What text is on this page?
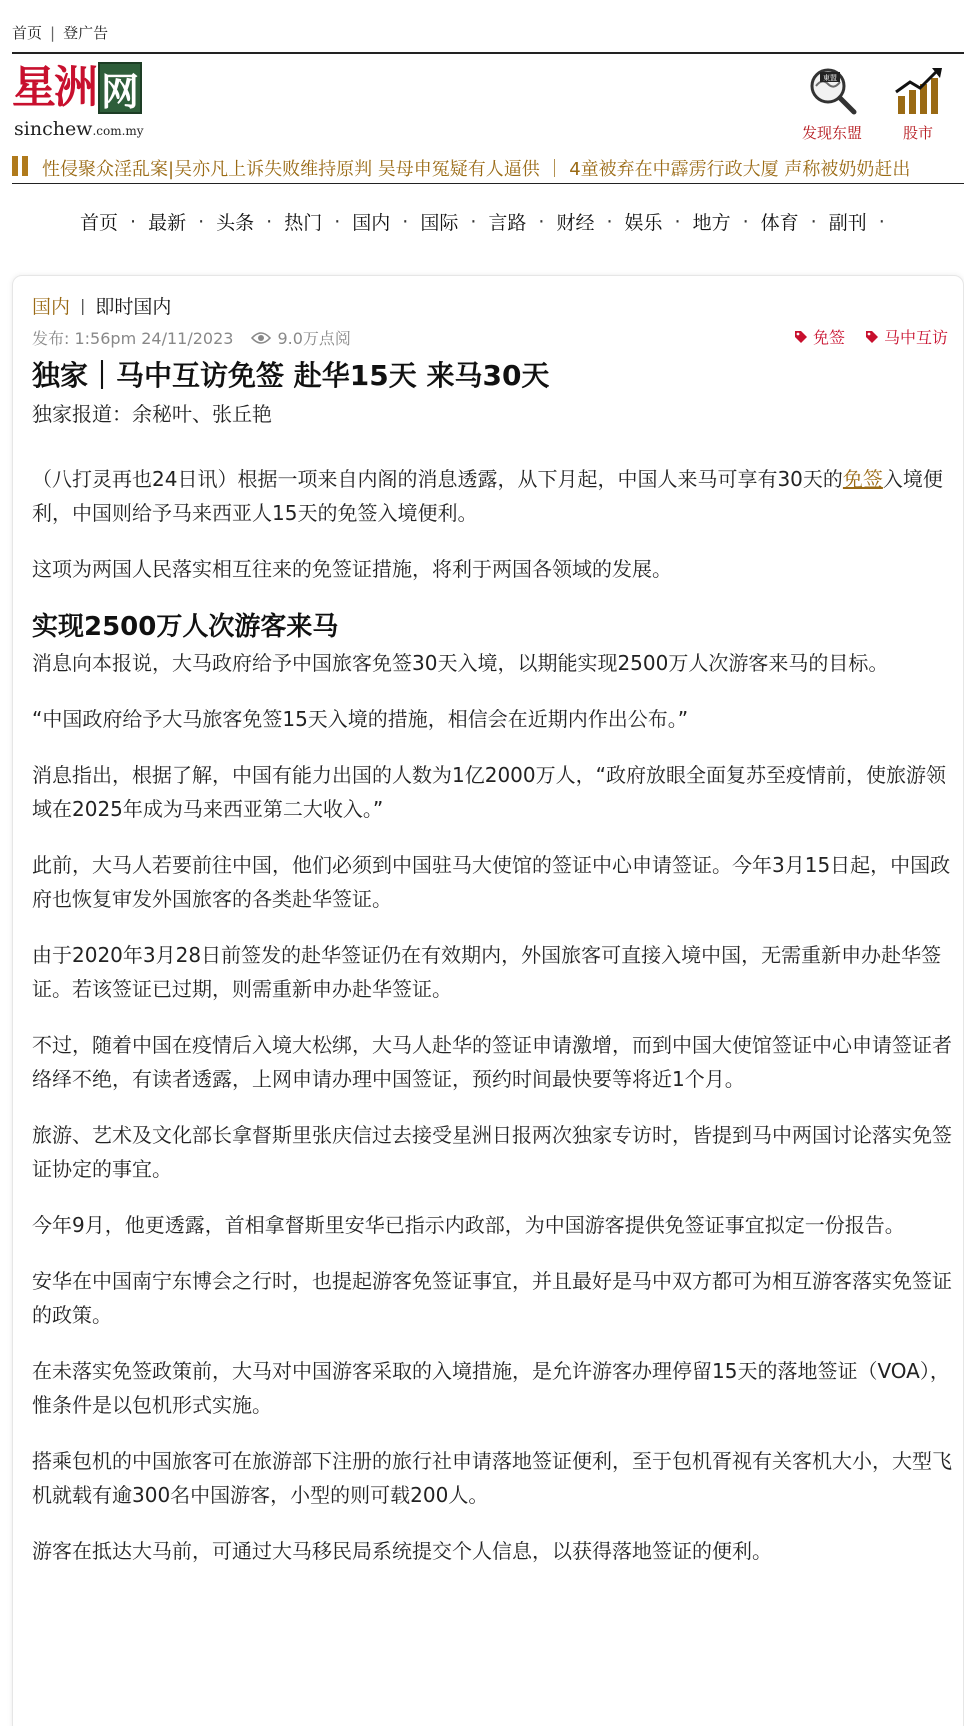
首页 | 登广告
星洲 网
sinchew.com.my
東盟
发现东盟	股市
性侵聚众淫乱案|吴亦凡上诉失败维持原判 吴母申冤疑有人逼供 ｜ 4童被弃在中霹雳行政大厦 声称被奶奶赶出
首页 · 最新 · 头条 · 热门 · 国内 · 国际 · 言路 · 财经 · 娱乐 · 地方 · 体育 · 副刊 ·
国内 | 即时国内
发布: 1:56pm 24/11/2023	9.0万点阅	免签 马中互访
独家｜马中互访免签 赴华15天 来马30天
独家报道：余秘叶、张丘艳

（八打灵再也24日讯）根据一项来自内阁的消息透露，从下月起，中国人来马可享有30天的免签入境便利，中国则给予马来西亚人15天的免签入境便利。

这项为两国人民落实相互往来的免签证措施，将利于两国各领域的发展。

实现2500万人次游客来马

消息向本报说，大马政府给予中国旅客免签30天入境，以期能实现2500万人次游客来马的目标。

“中国政府给予大马旅客免签15天入境的措施，相信会在近期内作出公布。”

消息指出，根据了解，中国有能力出国的人数为1亿2000万人，“政府放眼全面复苏至疫情前，使旅游领域在2025年成为马来西亚第二大收入。”

此前，大马人若要前往中国，他们必须到中国驻马大使馆的签证中心申请签证。今年3月15日起，中国政府也恢复审发外国旅客的各类赴华签证。

由于2020年3月28日前签发的赴华签证仍在有效期内，外国旅客可直接入境中国，无需重新申办赴华签证。若该签证已过期，则需重新申办赴华签证。

不过，随着中国在疫情后入境大松绑，大马人赴华的签证申请激增，而到中国大使馆签证中心申请签证者络绎不绝，有读者透露，上网申请办理中国签证，预约时间最快要等将近1个月。

旅游、艺术及文化部长拿督斯里张庆信过去接受星洲日报两次独家专访时，皆提到马中两国讨论落实免签证协定的事宜。

今年9月，他更透露，首相拿督斯里安华已指示内政部，为中国游客提供免签证事宜拟定一份报告。

安华在中国南宁东博会之行时，也提起游客免签证事宜，并且最好是马中双方都可为相互游客落实免签证的政策。

在未落实免签政策前，大马对中国游客采取的入境措施，是允许游客办理停留15天的落地签证（VOA），惟条件是以包机形式实施。

搭乘包机的中国旅客可在旅游部下注册的旅行社申请落地签证便利，至于包机胥视有关客机大小，大型飞机就载有逾300名中国游客，小型的则可载200人。

游客在抵达大马前，可通过大马移民局系统提交个人信息，以获得落地签证的便利。
